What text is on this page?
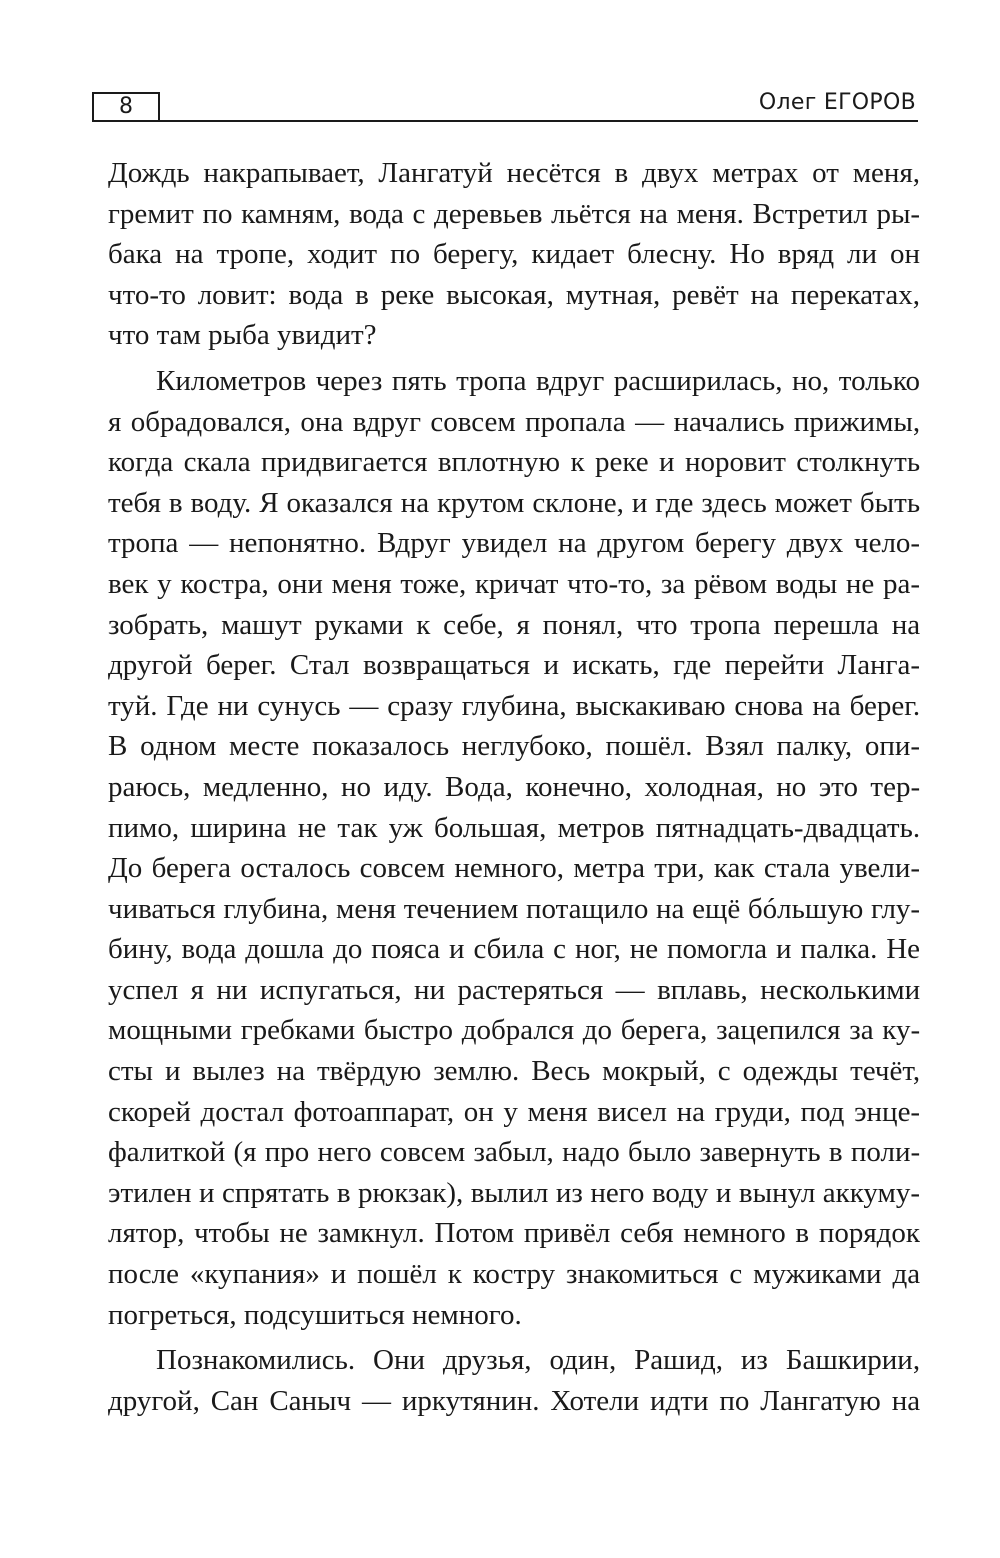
8	Олег ЕГОРОВ
Дождь накрапывает, Лангатуй несётся в двух метрах от меня,
гремит по камням, вода с деревьев льётся на меня. Встретил ры-
бака на тропе, ходит по берегу, кидает блесну. Но вряд ли он
что-то ловит: вода в реке высокая, мутная, ревёт на перекатах,
что там рыба увидит?
Километров через пять тропа вдруг расширилась, но, только
я обрадовался, она вдруг совсем пропала — начались прижимы,
когда скала придвигается вплотную к реке и норовит столкнуть
тебя в воду. Я оказался на крутом склоне, и где здесь может быть
тропа — непонятно. Вдруг увидел на другом берегу двух чело-
век у костра, они меня тоже, кричат что-то, за рёвом воды не ра-
зобрать, машут руками к себе, я понял, что тропа перешла на
другой берег. Стал возвращаться и искать, где перейти Ланга-
туй. Где ни сунусь — сразу глубина, выскакиваю снова на берег.
В одном месте показалось неглубоко, пошёл. Взял палку, опи-
раюсь, медленно, но иду. Вода, конечно, холодная, но это тер-
пимо, ширина не так уж большая, метров пятнадцать-двадцать.
До берега осталось совсем немного, метра три, как стала увели-
чиваться глубина, меня течением потащило на ещё бóльшую глу-
бину, вода дошла до пояса и сбила с ног, не помогла и палка. Не
успел я ни испугаться, ни растеряться — вплавь, несколькими
мощными гребками быстро добрался до берега, зацепился за ку-
сты и вылез на твёрдую землю. Весь мокрый, с одежды течёт,
скорей достал фотоаппарат, он у меня висел на груди, под энце-
фалиткой (я про него совсем забыл, надо было завернуть в поли-
этилен и спрятать в рюкзак), вылил из него воду и вынул аккуму-
лятор, чтобы не замкнул. Потом привёл себя немного в порядок
после «купания» и пошёл к костру знакомиться с мужиками да
погреться, подсушиться немного.
Познакомились. Они друзья, один, Рашид, из Башкирии,
другой, Сан Саныч — иркутянин. Хотели идти по Лангатую на
